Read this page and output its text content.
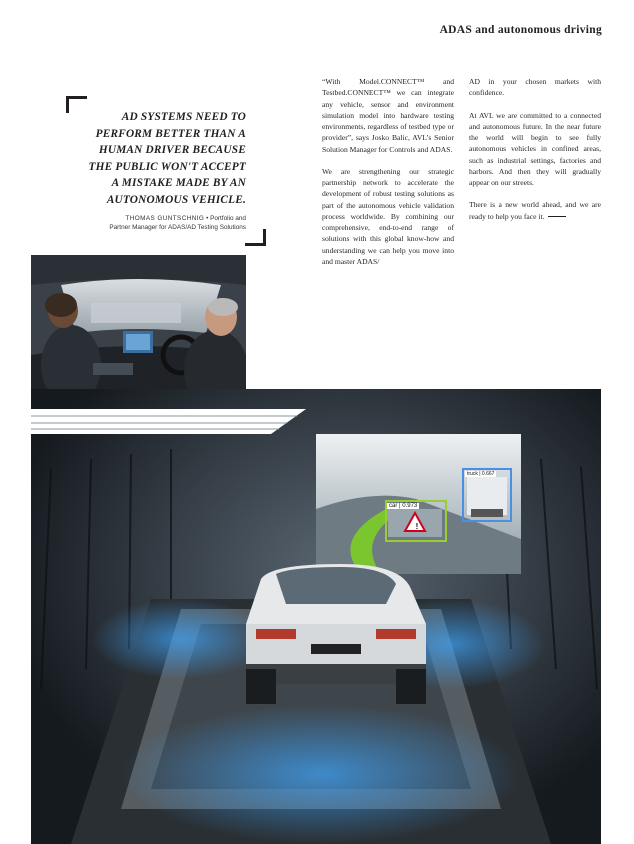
ADAS and autonomous driving
AD SYSTEMS NEED TO
PERFORM BETTER THAN A
HUMAN DRIVER BECAUSE
THE PUBLIC WON'T ACCEPT
A MISTAKE MADE BY AN
AUTONOMOUS VEHICLE.
THOMAS GUNTSCHNIG • Portfolio and
Partner Manager for ADAS/AD Testing Solutions

“With Model.CONNECT™ and Testbed.CONNECT™ we can integrate any vehicle, sensor and environment simulation model into hardware testing environments, regardless of testbed type or provider”, says Josko Balic, AVL’s Senior Solution Manager for Controls and ADAS.

We are strengthening our strategic partnership network to accelerate the development of robust testing solutions as part of the autonomous vehicle validation process worldwide. By combining our comprehensive, end-to-end range of solutions with this global know-how and understanding we can help you move into and master ADAS/

AD in your chosen markets with confidence.

At AVL we are committed to a connected and autonomous future. In the near future the world will begin to see fully autonomous vehicles in confined areas, such as industrial settings, factories and harbors. And then they will gradually appear on our streets.

There is a new world ahead, and we are ready to help you face it.

!
car | 0.973
truck | 0.667
